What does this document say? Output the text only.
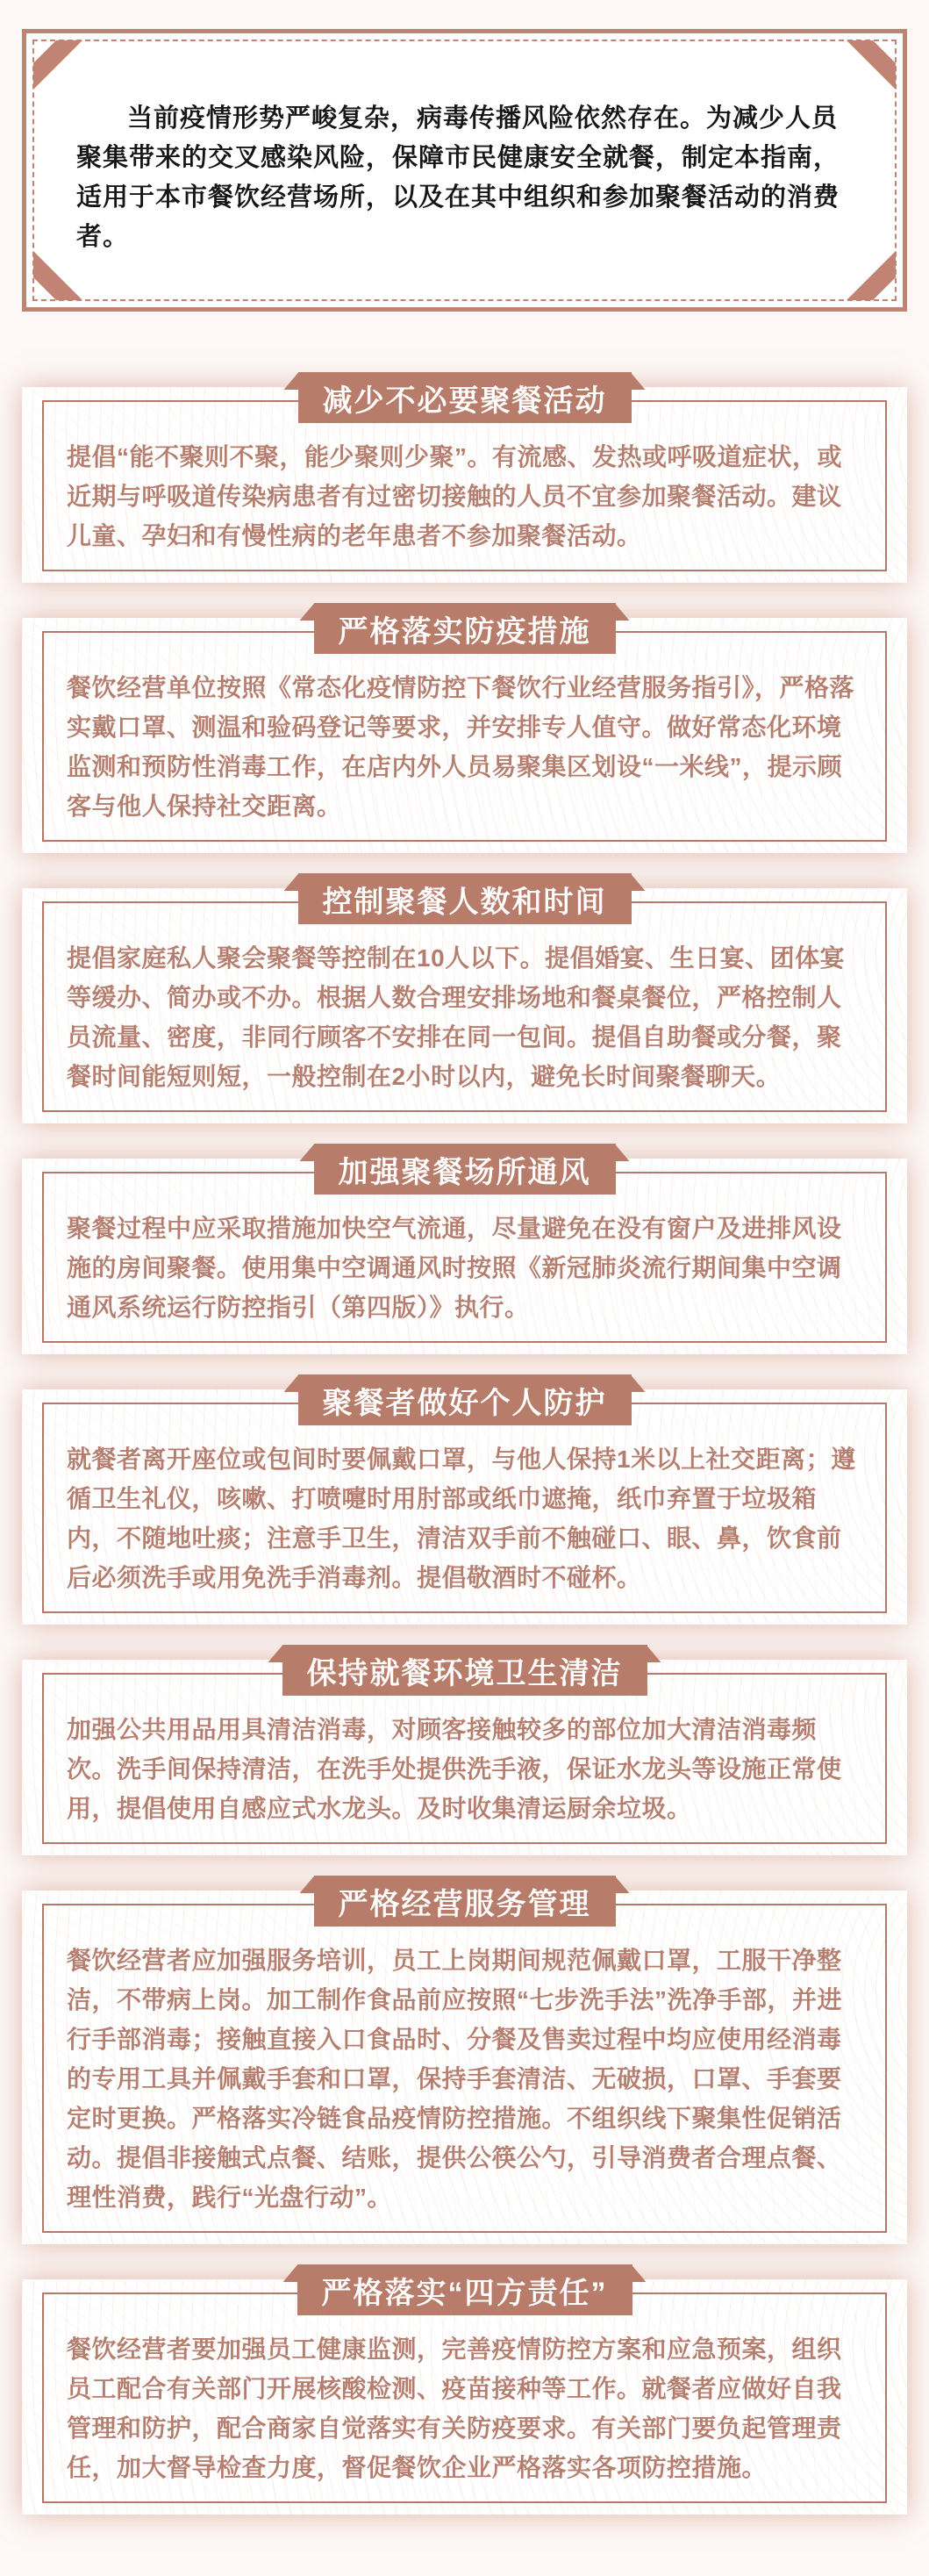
当前疫情形势严峻复杂，病毒传播风险依然存在。为减少人员聚集带来的交叉感染风险，保障市民健康安全就餐，制定本指南，适用于本市餐饮经营场所，以及在其中组织和参加聚餐活动的消费者。

减少不必要聚餐活动

提倡“能不聚则不聚，能少聚则少聚”。有流感、发热或呼吸道症状，或近期与呼吸道传染病患者有过密切接触的人员不宜参加聚餐活动。建议儿童、孕妇和有慢性病的老年患者不参加聚餐活动。

严格落实防疫措施

餐饮经营单位按照《常态化疫情防控下餐饮行业经营服务指引》，严格落实戴口罩、测温和验码登记等要求，并安排专人值守。做好常态化环境监测和预防性消毒工作，在店内外人员易聚集区划设“一米线”，提示顾客与他人保持社交距离。

控制聚餐人数和时间

提倡家庭私人聚会聚餐等控制在10人以下。提倡婚宴、生日宴、团体宴等缓办、简办或不办。根据人数合理安排场地和餐桌餐位，严格控制人员流量、密度，非同行顾客不安排在同一包间。提倡自助餐或分餐，聚餐时间能短则短，一般控制在2小时以内，避免长时间聚餐聊天。

加强聚餐场所通风

聚餐过程中应采取措施加快空气流通，尽量避免在没有窗户及进排风设施的房间聚餐。使用集中空调通风时按照《新冠肺炎流行期间集中空调通风系统运行防控指引（第四版）》执行。

聚餐者做好个人防护

就餐者离开座位或包间时要佩戴口罩，与他人保持1米以上社交距离；遵循卫生礼仪，咳嗽、打喷嚏时用肘部或纸巾遮掩，纸巾弃置于垃圾箱内，不随地吐痰；注意手卫生，清洁双手前不触碰口、眼、鼻，饮食前后必须洗手或用免洗手消毒剂。提倡敬酒时不碰杯。

保持就餐环境卫生清洁

加强公共用品用具清洁消毒，对顾客接触较多的部位加大清洁消毒频次。洗手间保持清洁，在洗手处提供洗手液，保证水龙头等设施正常使用，提倡使用自感应式水龙头。及时收集清运厨余垃圾。

严格经营服务管理

餐饮经营者应加强服务培训，员工上岗期间规范佩戴口罩，工服干净整洁，不带病上岗。加工制作食品前应按照“七步洗手法”洗净手部，并进行手部消毒；接触直接入口食品时、分餐及售卖过程中均应使用经消毒的专用工具并佩戴手套和口罩，保持手套清洁、无破损，口罩、手套要定时更换。严格落实冷链食品疫情防控措施。不组织线下聚集性促销活动。提倡非接触式点餐、结账，提供公筷公勺，引导消费者合理点餐、理性消费，践行“光盘行动”。

严格落实“四方责任”

餐饮经营者要加强员工健康监测，完善疫情防控方案和应急预案，组织员工配合有关部门开展核酸检测、疫苗接种等工作。就餐者应做好自我管理和防护，配合商家自觉落实有关防疫要求。有关部门要负起管理责任，加大督导检查力度，督促餐饮企业严格落实各项防控措施。
